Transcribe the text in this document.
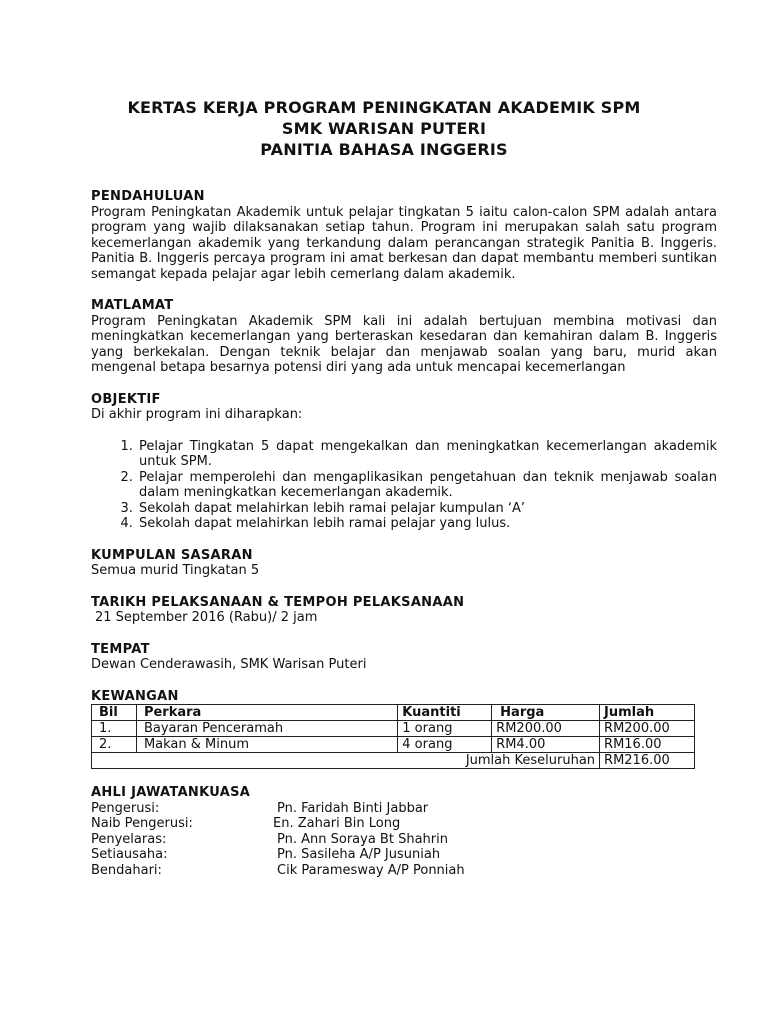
KERTAS KERJA PROGRAM PENINGKATAN AKADEMIK SPM
SMK WARISAN PUTERI
PANITIA BAHASA INGGERIS
PENDAHULUAN

Program Peningkatan Akademik untuk pelajar tingkatan 5 iaitu calon-calon SPM adalah antara program yang wajib dilaksanakan setiap tahun. Program ini merupakan salah satu program kecemerlangan akademik yang terkandung dalam perancangan strategik Panitia B. Inggeris. Panitia B. Inggeris percaya program ini amat berkesan dan dapat membantu memberi suntikan semangat kepada pelajar agar lebih cemerlang dalam akademik.

MATLAMAT

Program Peningkatan Akademik SPM kali ini adalah bertujuan membina motivasi dan meningkatkan kecemerlangan yang berteraskan kesedaran dan kemahiran dalam B. Inggeris yang berkekalan. Dengan teknik belajar dan menjawab soalan yang baru, murid akan mengenal betapa besarnya potensi diri yang ada untuk mencapai kecemerlangan

OBJEKTIF

Di akhir program ini diharapkan:

1. Pelajar Tingkatan 5 dapat mengekalkan dan meningkatkan kecemerlangan akademik untuk SPM.
2. Pelajar memperolehi dan mengaplikasikan pengetahuan dan teknik menjawab soalan dalam meningkatkan kecemerlangan akademik.
3. Sekolah dapat melahirkan lebih ramai pelajar kumpulan ‘A’
4. Sekolah dapat melahirkan lebih ramai pelajar yang lulus.
KUMPULAN SASARAN

Semua murid Tingkatan 5

TARIKH PELAKSANAAN & TEMPOH PELAKSANAAN

21 September 2016 (Rabu)/ 2 jam

TEMPAT

Dewan Cenderawasih, SMK Warisan Puteri

KEWANGAN
Bil	Perkara	Kuantiti	Harga	Jumlah
1.	Bayaran Penceramah	1 orang	RM200.00	RM200.00
2.	Makan & Minum	4 orang	RM4.00	RM16.00
Jumlah Keseluruhan				RM216.00
AHLI JAWATANKUASA
Pengerusi:	Pn. Faridah Binti Jabbar
Naib Pengerusi:	En. Zahari Bin Long
Penyelaras:	Pn. Ann Soraya Bt Shahrin
Setiausaha:	Pn. Sasileha A/P Jusuniah
Bendahari:	Cik Paramesway A/P Ponniah
